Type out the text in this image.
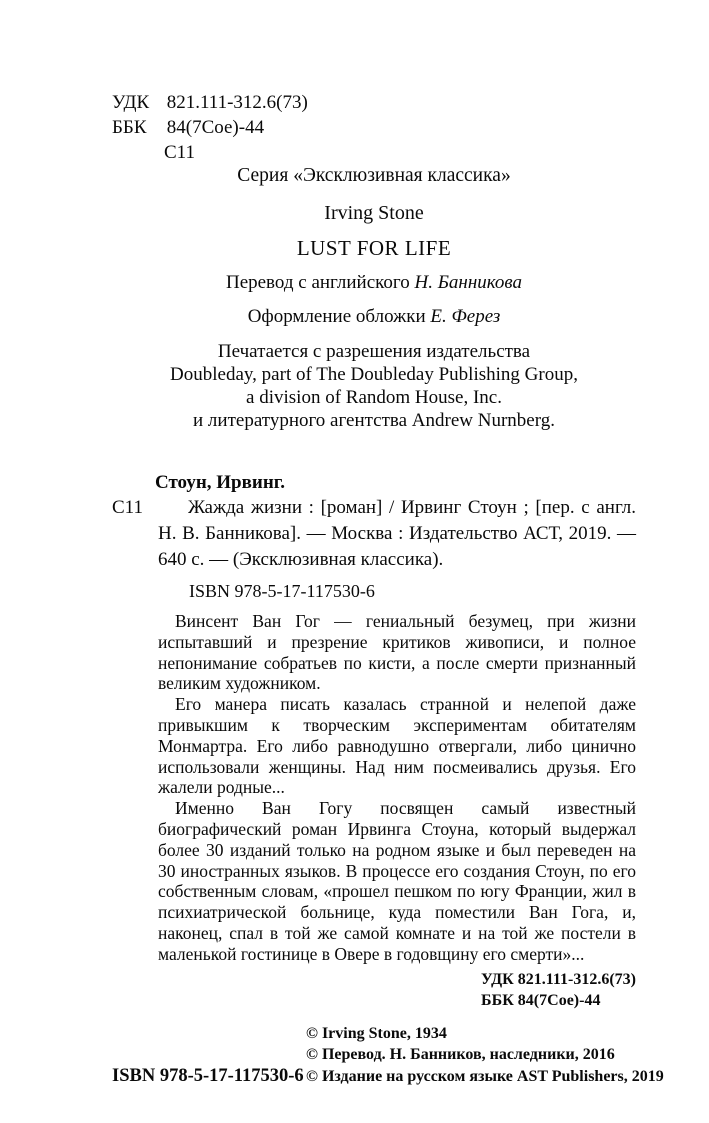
УДК 821.111-312.6(73)
ББК 84(7Сое)-44
С11
Серия «Эксклюзивная классика»
Irving Stone
LUST FOR LIFE
Перевод с английского Н. Банникова
Оформление обложки Е. Ферез
Печатается с разрешения издательства
Doubleday, part of The Doubleday Publishing Group,
a division of Random House, Inc.
и литературного агентства Andrew Nurnberg.
Стоун, Ирвинг.
С11 Жажда жизни : [роман] / Ирвинг Стоун ; [пер. с англ. Н. В. Банникова]. — Москва : Издательство АСТ, 2019. — 640 с. — (Эксклюзивная классика).
ISBN 978-5-17-117530-6

Винсент Ван Гог — гениальный безумец, при жизни испытавший и презрение критиков живописи, и полное непонимание собратьев по кисти, а после смерти признанный великим художником.

Его манера писать казалась странной и нелепой даже привыкшим к творческим экспериментам обитателям Монмартра. Его либо равнодушно отвергали, либо цинично использовали женщины. Над ним посмеивались друзья. Его жалели родные...

Именно Ван Гогу посвящен самый известный биографический роман Ирвинга Стоуна, который выдержал более 30 изданий только на родном языке и был переведен на 30 иностранных языков. В процессе его создания Стоун, по его собственным словам, «прошел пешком по югу Франции, жил в психиатрической больнице, куда поместили Ван Гога, и, наконец, спал в той же самой комнате и на той же постели в маленькой гостинице в Овере в годовщину его смерти»...

УДК 821.111-312.6(73)
ББК 84(7Сое)-44
ISBN 978-5-17-117530-6
© Irving Stone, 1934
© Перевод. Н. Банников, наследники, 2016
© Издание на русском языке AST Publishers, 2019
